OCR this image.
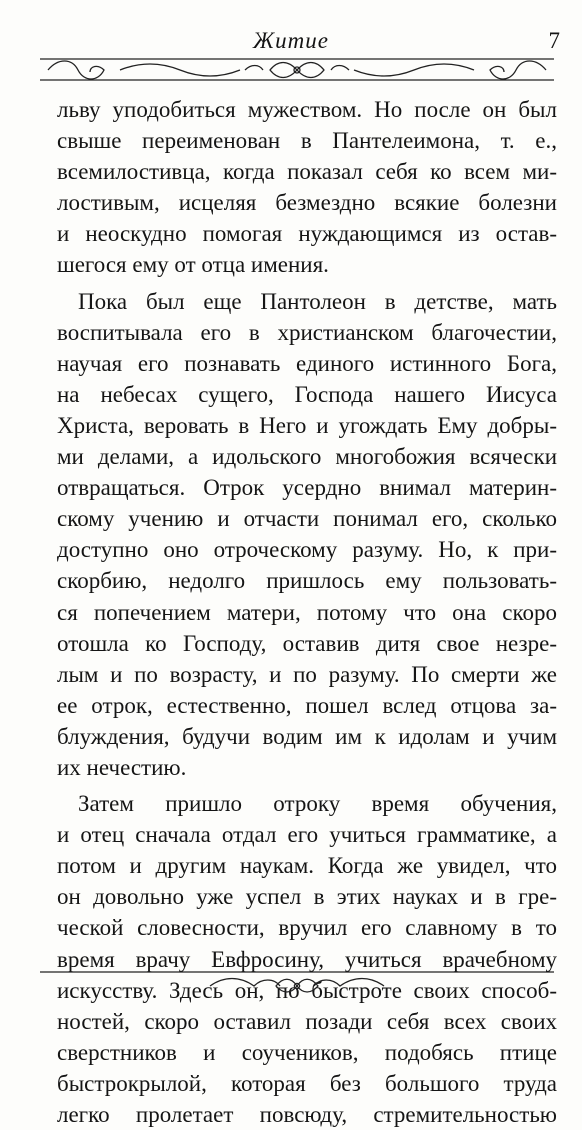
Житие	7

льву уподобиться мужеством. Но после он был
свыше переименован в Пантелеимона, т. е.,
всемилостивца, когда показал себя ко всем ми-
лостивым, исцеляя безмездно всякие болезни
и неоскудно помогая нуждающимся из остав-
шегося ему от отца имения.

Пока был еще Пантолеон в детстве, мать
воспитывала его в христианском благочестии,
научая его познавать единого истинного Бога,
на небесах сущего, Господа нашего Иисуса
Христа, веровать в Него и угождать Ему добры-
ми делами, а идольского многобожия всячески
отвращаться. Отрок усердно внимал материн-
скому учению и отчасти понимал его, сколько
доступно оно отроческому разуму. Но, к при-
скорбию, недолго пришлось ему пользовать-
ся попечением матери, потому что она скоро
отошла ко Господу, оставив дитя свое незре-
лым и по возрасту, и по разуму. По смерти же
ее отрок, естественно, пошел вслед отцова за-
блуждения, будучи водим им к идолам и учим
их нечестию.

Затем пришло отроку время обучения,
и отец сначала отдал его учиться грамматике, а
потом и другим наукам. Когда же увидел, что
он довольно уже успел в этих науках и в гре-
ческой словесности, вручил его славному в то
время врачу Евфросину, учиться врачебному
искусству. Здесь он, по быстроте своих способ-
ностей, скоро оставил позади себя всех своих
сверстников и соучеников, подобясь птице
быстрокрылой, которая без большого труда
легко пролетает повсюду, стремительностью
